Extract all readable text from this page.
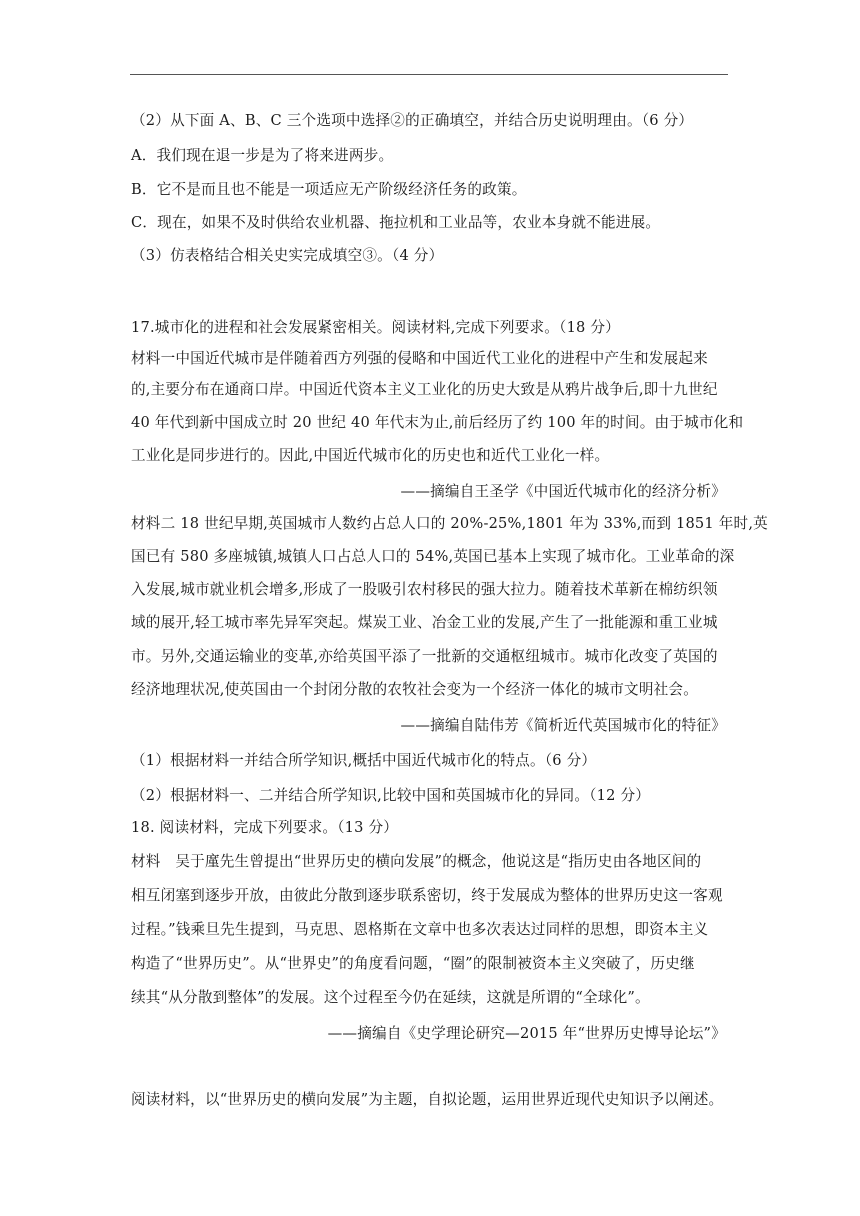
（2）从下面 A、B、C 三个选项中选择②的正确填空，并结合历史说明理由。（6 分）
A．我们现在退一步是为了将来进两步。
B．它不是而且也不能是一项适应无产阶级经济任务的政策。
C．现在，如果不及时供给农业机器、拖拉机和工业品等，农业本身就不能进展。
（3）仿表格结合相关史实完成填空③。（4 分）
17.城市化的进程和社会发展紧密相关。阅读材料,完成下列要求。（18 分）
材料一中国近代城市是伴随着西方列强的侵略和中国近代工业化的进程中产生和发展起来
的,主要分布在通商口岸。中国近代资本主义工业化的历史大致是从鸦片战争后,即十九世纪
40 年代到新中国成立时 20 世纪 40 年代末为止,前后经历了约 100 年的时间。由于城市化和
工业化是同步进行的。因此,中国近代城市化的历史也和近代工业化一样。
——摘编自王圣学《中国近代城市化的经济分析》
材料二 18 世纪早期,英国城市人数约占总人口的 20%-25%,1801 年为 33%,而到 1851 年时,英
国已有 580 多座城镇,城镇人口占总人口的 54%,英国已基本上实现了城市化。工业革命的深
入发展,城市就业机会增多,形成了一股吸引农村移民的强大拉力。随着技术革新在棉纺织领
域的展开,轻工城市率先异军突起。煤炭工业、冶金工业的发展,产生了一批能源和重工业城
市。另外,交通运输业的变革,亦给英国平添了一批新的交通枢纽城市。城市化改变了英国的
经济地理状况,使英国由一个封闭分散的农牧社会变为一个经济一体化的城市文明社会。
——摘编自陆伟芳《简析近代英国城市化的特征》
（1）根据材料一并结合所学知识,概括中国近代城市化的特点。（6 分）
（2）根据材料一、二并结合所学知识,比较中国和英国城市化的异同。（12 分）
18. 阅读材料，完成下列要求。（13 分）
材料　吴于廑先生曾提出“世界历史的横向发展”的概念，他说这是“指历史由各地区间的
相互闭塞到逐步开放，由彼此分散到逐步联系密切，终于发展成为整体的世界历史这一客观
过程。”钱乘旦先生提到，马克思、恩格斯在文章中也多次表达过同样的思想，即资本主义
构造了“世界历史”。从“世界史”的角度看问题，“圈”的限制被资本主义突破了，历史继
续其“从分散到整体”的发展。这个过程至今仍在延续，这就是所谓的“全球化”。
——摘编自《史学理论研究—2015 年“世界历史博导论坛”》
阅读材料，以“世界历史的横向发展”为主题，自拟论题，运用世界近现代史知识予以阐述。
